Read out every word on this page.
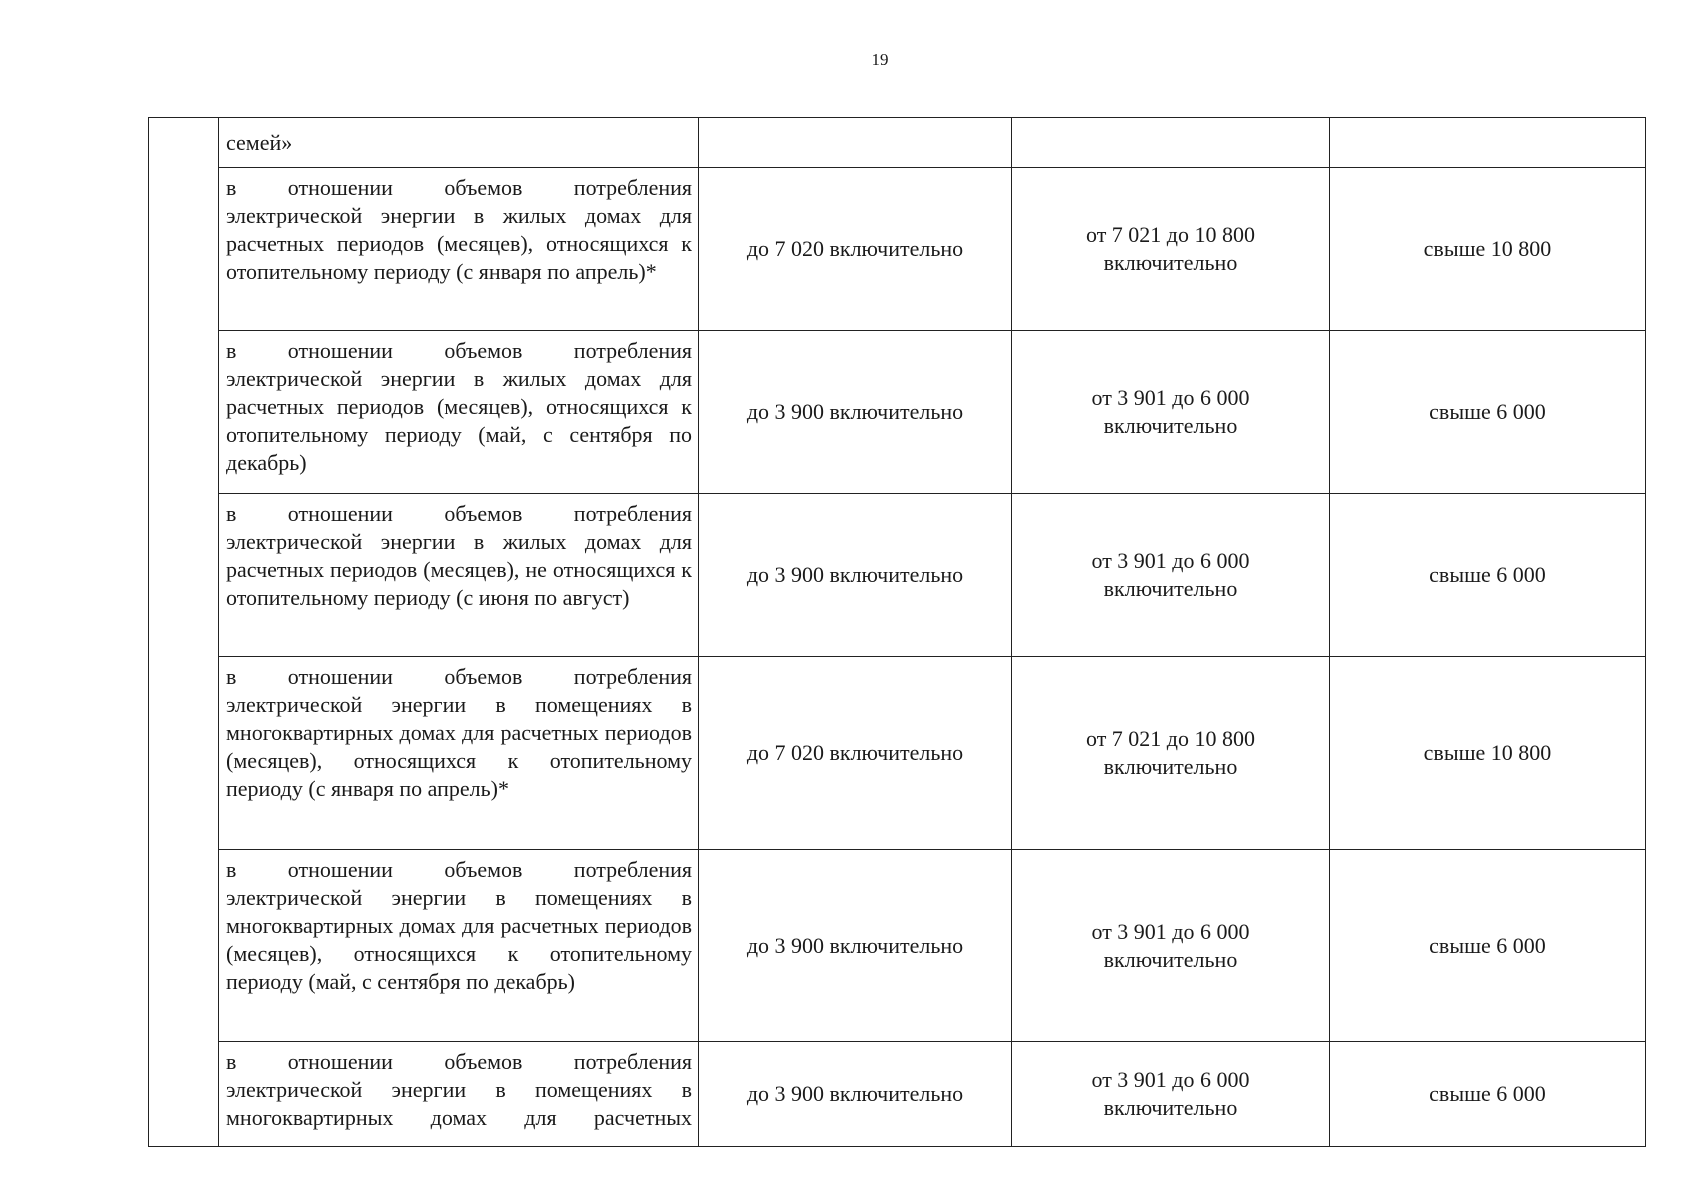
19
	семей»			
	в отношении объемов потребления электрической энергии в жилых домах для расчетных периодов (месяцев), относящихся к отопительному периоду (с января по апрель)*	до 7 020 включительно	от 7 021 до 10 800 включительно	свыше 10 800
	в отношении объемов потребления электрической энергии в жилых домах для расчетных периодов (месяцев), относящихся к отопительному периоду (май, с сентября по декабрь)	до 3 900 включительно	от 3 901 до 6 000 включительно	свыше 6 000
	в отношении объемов потребления электрической энергии в жилых домах для расчетных периодов (месяцев), не относящихся к отопительному периоду (с июня по август)	до 3 900 включительно	от 3 901 до 6 000 включительно	свыше 6 000
	в отношении объемов потребления электрической энергии в помещениях в многоквартирных домах для расчетных периодов (месяцев), относящихся к отопительному периоду (с января по апрель)*	до 7 020 включительно	от 7 021 до 10 800 включительно	свыше 10 800
	в отношении объемов потребления электрической энергии в помещениях в многоквартирных домах для расчетных периодов (месяцев), относящихся к отопительному периоду (май, с сентября по декабрь)	до 3 900 включительно	от 3 901 до 6 000 включительно	свыше 6 000
	в отношении объемов потребления электрической энергии в помещениях в многоквартирных домах для расчетных	до 3 900 включительно	от 3 901 до 6 000 включительно	свыше 6 000
